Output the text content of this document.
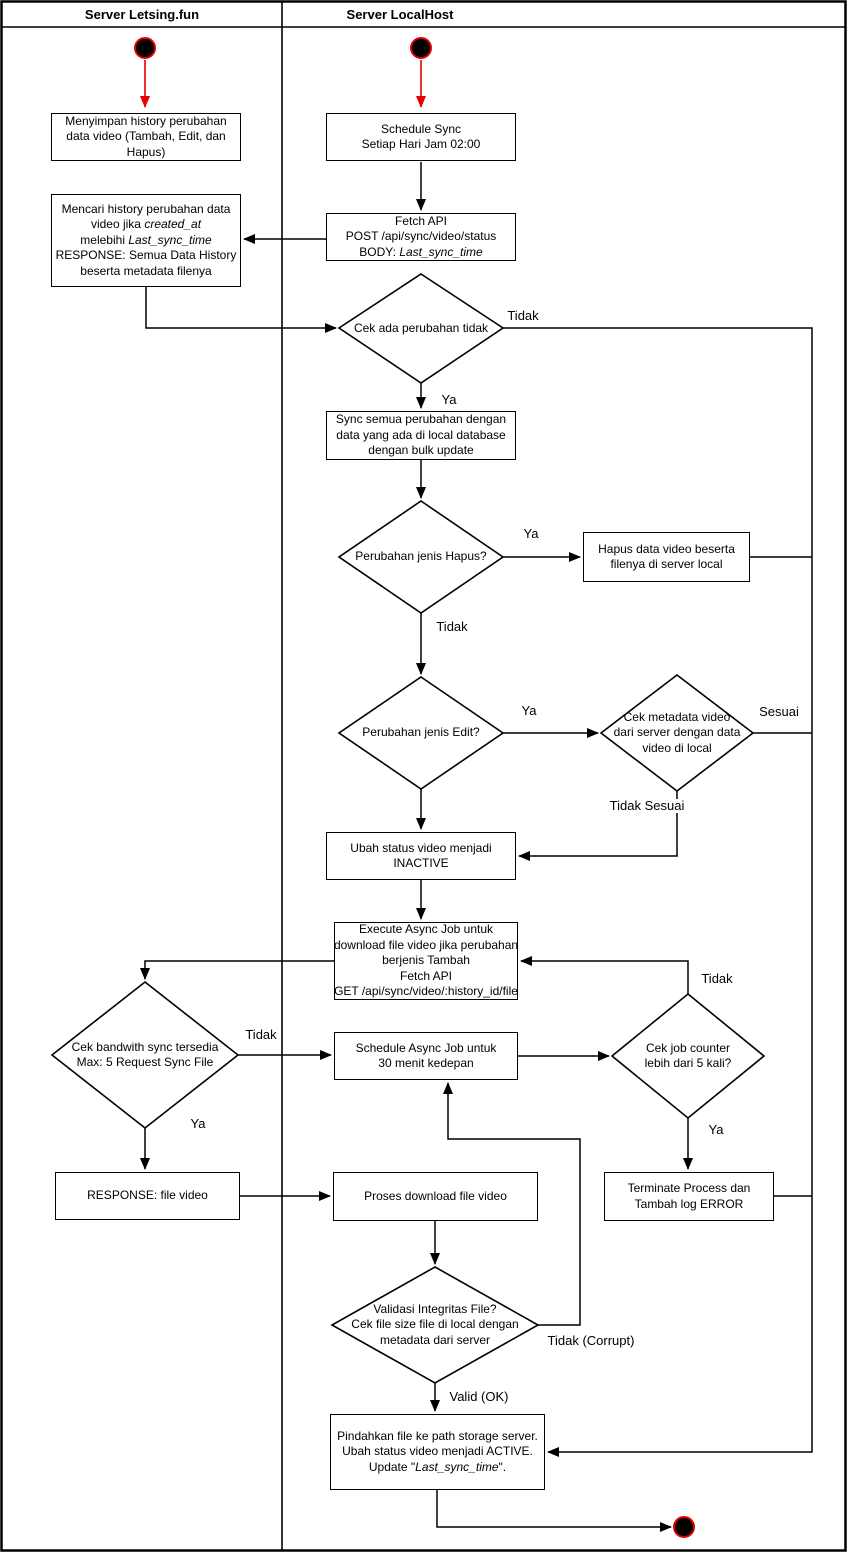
Server Letsing.fun	Server LocalHost
Menyimpan history perubahan
data video (Tambah, Edit, dan
Hapus)
Mencari history perubahan data
video jika created_at
melebihi Last_sync_time
RESPONSE: Semua Data History
beserta metadata filenya
Schedule Sync
Setiap Hari Jam 02:00
Fetch API
POST /api/sync/video/status
BODY: Last_sync_time
Sync semua perubahan dengan
data yang ada di local database
dengan bulk update
Hapus data video beserta
filenya di server local
Ubah status video menjadi
INACTIVE
Execute Async Job untuk
download file video jika perubahan
berjenis Tambah
Fetch API
GET /api/sync/video/:history_id/file
Schedule Async Job untuk
30 menit kedepan
RESPONSE: file video	Proses download file video
Terminate Process dan
Tambah log ERROR
Pindahkan file ke path storage server.
Ubah status video menjadi ACTIVE.
Update "Last_sync_time".
Cek ada perubahan tidak
Perubahan jenis Hapus?
Perubahan jenis Edit?
Cek metadata video
dari server dengan data
video di local
Cek bandwith sync tersedia
Max: 5 Request Sync File
Cek job counter
lebih dari 5 kali?
Validasi Integritas File?
Cek file size file di local dengan
metadata dari server
Tidak
Ya
Ya
Tidak
Ya	Sesuai
Tidak Sesuai
Tidak
Ya
Tidak
Ya
Tidak (Corrupt)
Valid (OK)
